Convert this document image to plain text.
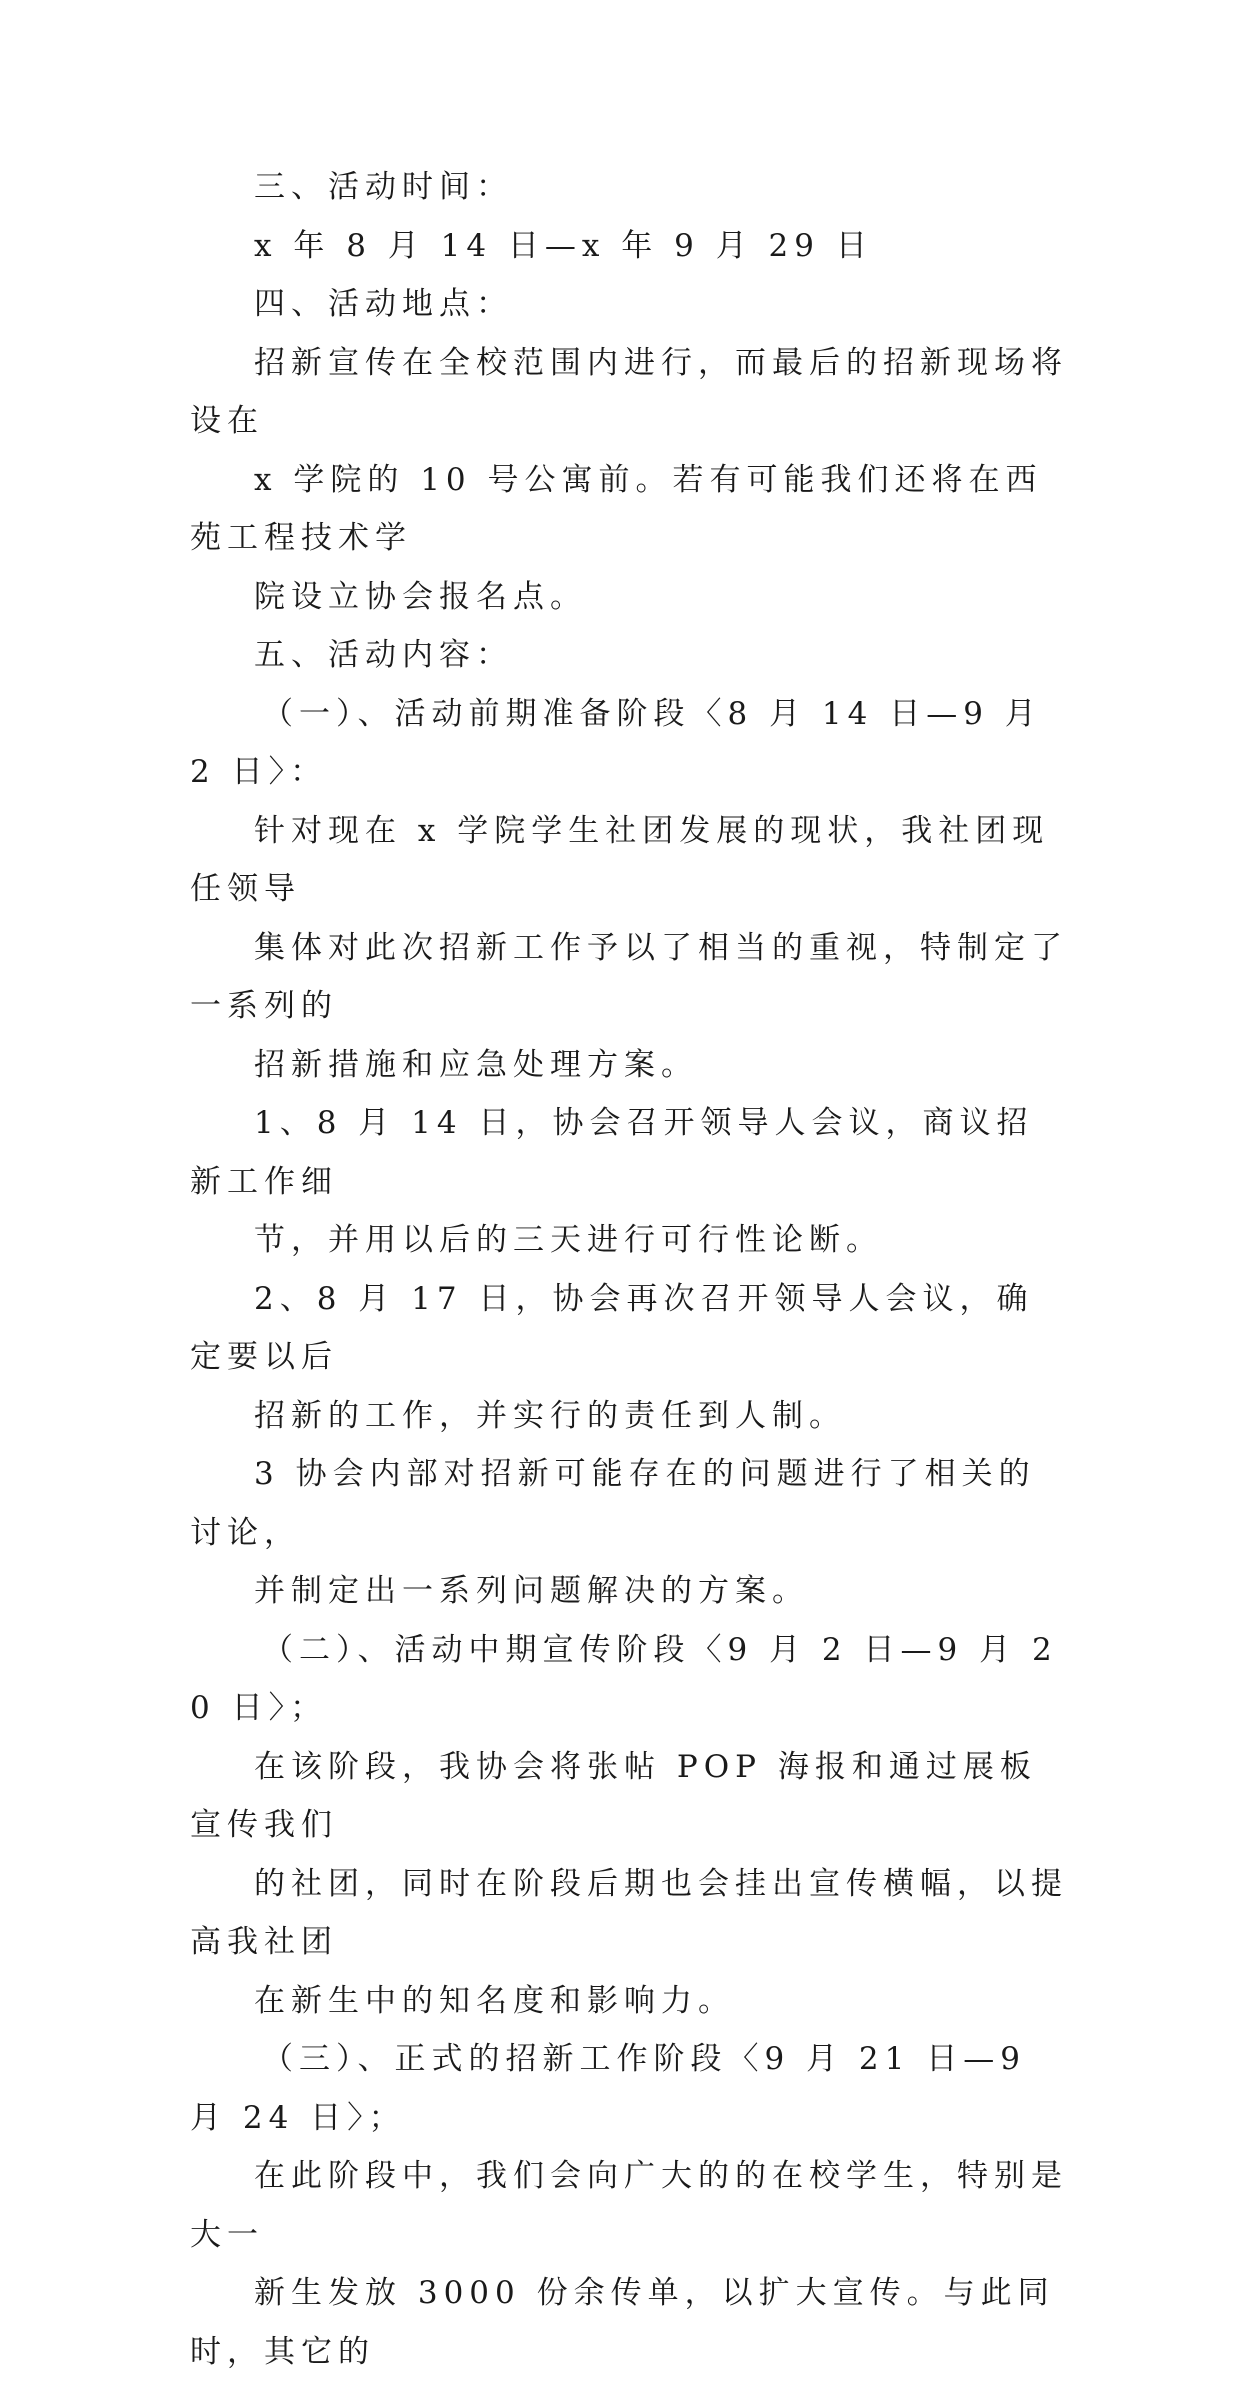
三、活动时间：

x 年 8 月 14 日—x 年 9 月 29 日

四、活动地点：

招新宣传在全校范围内进行，而最后的招新现场将设在
x 学院的 10 号公寓前。若有可能我们还将在西苑工程技术学
院设立协会报名点。

五、活动内容：

（一）、活动前期准备阶段〈8 月 14 日—9 月 2 日〉：

针对现在 x 学院学生社团发展的现状，我社团现任领导
集体对此次招新工作予以了相当的重视，特制定了一系列的
招新措施和应急处理方案。

1、8 月 14 日，协会召开领导人会议，商议招新工作细
节，并用以后的三天进行可行性论断。

2、8 月 17 日，协会再次召开领导人会议，确定要以后
招新的工作，并实行的责任到人制。

3 协会内部对招新可能存在的问题进行了相关的讨论，
并制定出一系列问题解决的方案。

（二）、活动中期宣传阶段〈9 月 2 日—9 月 20 日〉；

在该阶段，我协会将张帖 POP 海报和通过展板宣传我们
的社团，同时在阶段后期也会挂出宣传横幅，以提高我社团
在新生中的知名度和影响力。

（三）、正式的招新工作阶段〈9 月 21 日—9 月 24 日〉；

在此阶段中，我们会向广大的的在校学生，特别是大一
新生发放 3000 份余传单，以扩大宣传。与此同时，其它的
